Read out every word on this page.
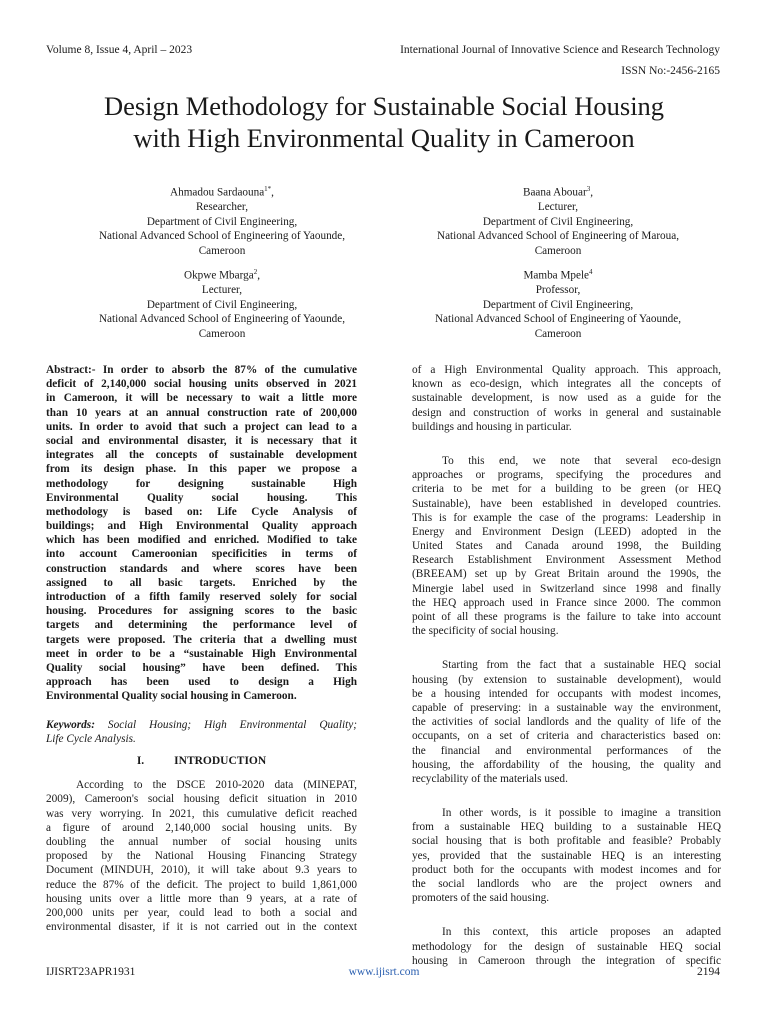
Volume 8, Issue 4, April – 2023	International Journal of Innovative Science and Research Technology
ISSN No:-2456-2165
Design Methodology for Sustainable Social Housing
with High Environmental Quality in Cameroon
Ahmadou Sardaouna$^{1*}$,
Researcher,
Department of Civil Engineering,
National Advanced School of Engineering of Yaounde,
Cameroon
Baana Abouar$^3$,
Lecturer,
Department of Civil Engineering,
National Advanced School of Engineering of Maroua,
Cameroon
Okpwe Mbarga$^2$,
Lecturer,
Department of Civil Engineering,
National Advanced School of Engineering of Yaounde,
Cameroon
Mamba Mpele$^4$
Professor,
Department of Civil Engineering,
National Advanced School of Engineering of Yaounde,
Cameroon
Abstract:- In order to absorb the 87% of the cumulative
deficit of 2,140,000 social housing units observed in 2021
in Cameroon, it will be necessary to wait a little more
than 10 years at an annual construction rate of 200,000
units. In order to avoid that such a project can lead to a
social and environmental disaster, it is necessary that it
integrates all the concepts of sustainable development
from its design phase. In this paper we propose a
methodology for designing sustainable High
Environmental Quality social housing. This
methodology is based on: Life Cycle Analysis of
buildings; and High Environmental Quality approach
which has been modified and enriched. Modified to take
into account Cameroonian specificities in terms of
construction standards and where scores have been
assigned to all basic targets. Enriched by the
introduction of a fifth family reserved solely for social
housing. Procedures for assigning scores to the basic
targets and determining the performance level of
targets were proposed. The criteria that a dwelling must
meet in order to be a “sustainable High Environmental
Quality social housing” have been defined. This
approach has been used to design a High
Environmental Quality social housing in Cameroon.
Keywords: Social Housing; High Environmental Quality;
Life Cycle Analysis.
I.	INTRODUCTION
According to the DSCE 2010-2020 data (MINEPAT,
2009), Cameroon's social housing deficit situation in 2010
was very worrying. In 2021, this cumulative deficit reached
a figure of around 2,140,000 social housing units. By
doubling the annual number of social housing units
proposed by the National Housing Financing Strategy
Document (MINDUH, 2010), it will take about 9.3 years to
reduce the 87% of the deficit. The project to build 1,861,000
housing units over a little more than 9 years, at a rate of
200,000 units per year, could lead to both a social and
environmental disaster, if it is not carried out in the context
of a High Environmental Quality approach. This approach,
known as eco-design, which integrates all the concepts of
sustainable development, is now used as a guide for the
design and construction of works in general and sustainable
buildings and housing in particular.
To this end, we note that several eco-design
approaches or programs, specifying the procedures and
criteria to be met for a building to be green (or HEQ
Sustainable), have been established in developed countries.
This is for example the case of the programs: Leadership in
Energy and Environment Design (LEED) adopted in the
United States and Canada around 1998, the Building
Research Establishment Environment Assessment Method
(BREEAM) set up by Great Britain around the 1990s, the
Minergie label used in Switzerland since 1998 and finally
the HEQ approach used in France since 2000. The common
point of all these programs is the failure to take into account
the specificity of social housing.
Starting from the fact that a sustainable HEQ social
housing (by extension to sustainable development), would
be a housing intended for occupants with modest incomes,
capable of preserving: in a sustainable way the environment,
the activities of social landlords and the quality of life of the
occupants, on a set of criteria and characteristics based on:
the financial and environmental performances of the
housing, the affordability of the housing, the quality and
recyclability of the materials used.
In other words, is it possible to imagine a transition
from a sustainable HEQ building to a sustainable HEQ
social housing that is both profitable and feasible? Probably
yes, provided that the sustainable HEQ is an interesting
product both for the occupants with modest incomes and for
the social landlords who are the project owners and
promoters of the said housing.
In this context, this article proposes an adapted
methodology for the design of sustainable HEQ social
housing in Cameroon through the integration of specific
IJISRT23APR1931	www.ijisrt.com	2194
